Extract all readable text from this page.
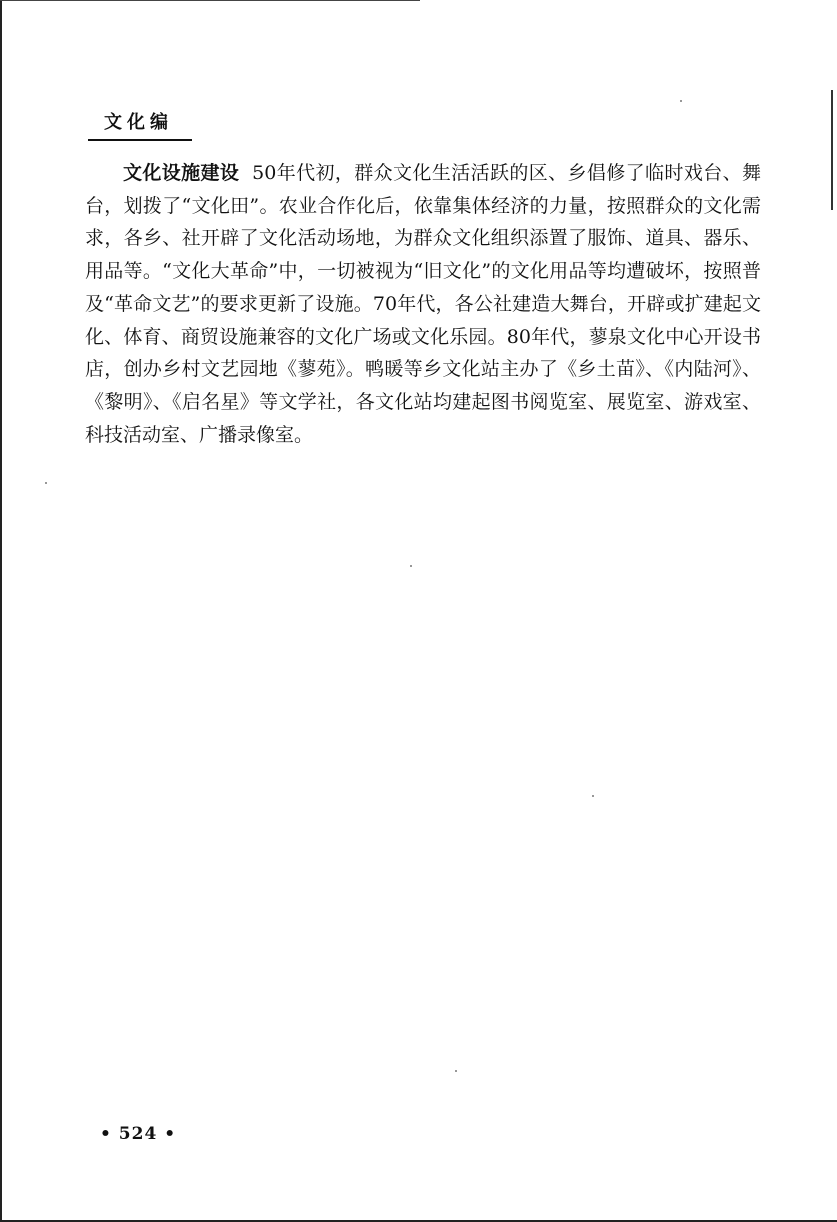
文化编

文化设施建设 50年代初，群众文化生活活跃的区、乡倡修了临时戏台、舞台，划拨了“文化田”。农业合作化后，依靠集体经济的力量，按照群众的文化需求，各乡、社开辟了文化活动场地，为群众文化组织添置了服饰、道具、器乐、用品等。“文化大革命”中，一切被视为“旧文化”的文化用品等均遭破坏，按照普及“革命文艺”的要求更新了设施。70年代，各公社建造大舞台，开辟或扩建起文化、体育、商贸设施兼容的文化广场或文化乐园。80年代，蓼泉文化中心开设书店，创办乡村文艺园地《蓼苑》。鸭暖等乡文化站主办了《乡土苗》、《内陆河》、《黎明》、《启名星》等文学社，各文化站均建起图书阅览室、展览室、游戏室、科技活动室、广播录像室。

• 524 •
